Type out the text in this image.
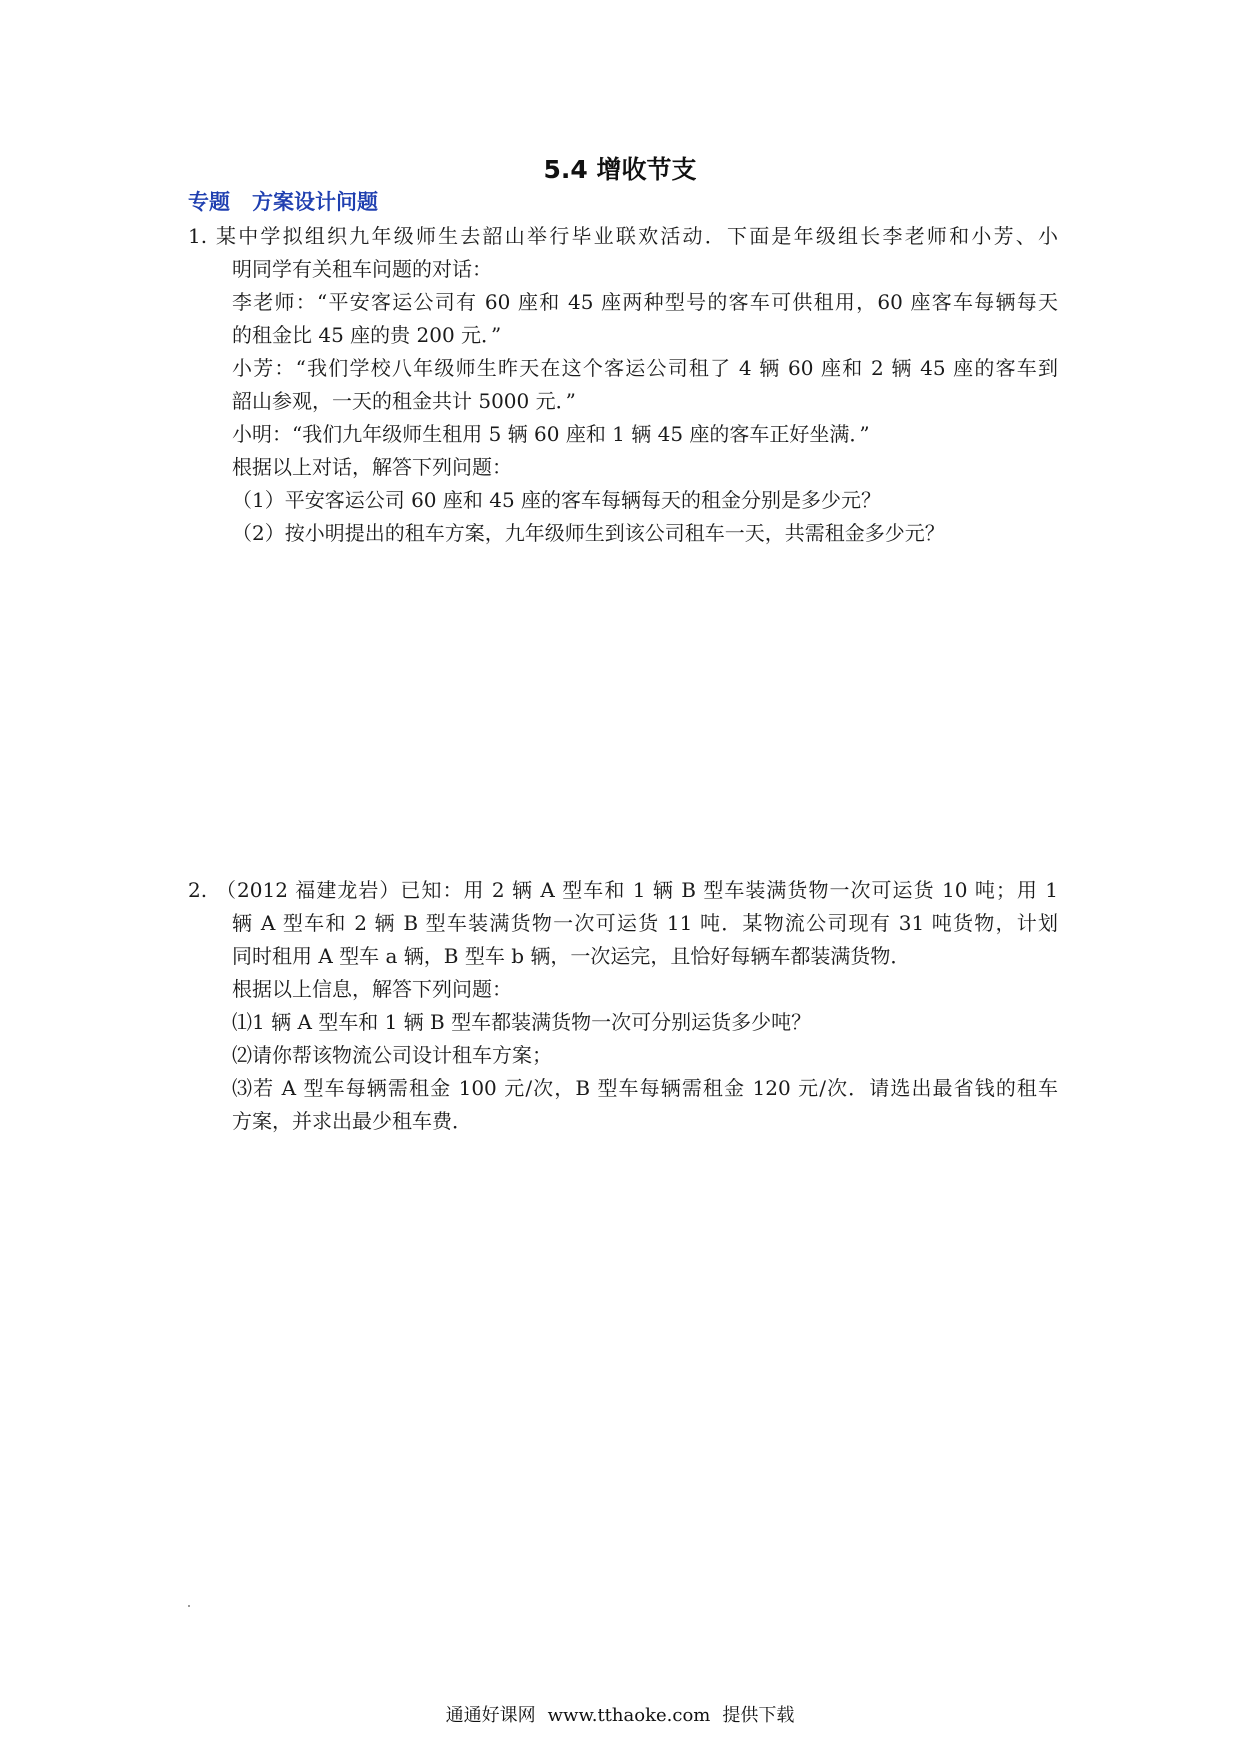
5.4 增收节支
专题 方案设计问题
1. 某中学拟组织九年级师生去韶山举行毕业联欢活动．下面是年级组长李老师和小芳、小
明同学有关租车问题的对话：
李老师：“平安客运公司有 60 座和 45 座两种型号的客车可供租用，60 座客车每辆每天
的租金比 45 座的贵 200 元．”
小芳：“我们学校八年级师生昨天在这个客运公司租了 4 辆 60 座和 2 辆 45 座的客车到
韶山参观，一天的租金共计 5000 元．”
小明：“我们九年级师生租用 5 辆 60 座和 1 辆 45 座的客车正好坐满．”
根据以上对话，解答下列问题：
（1）平安客运公司 60 座和 45 座的客车每辆每天的租金分别是多少元？
（2）按小明提出的租车方案，九年级师生到该公司租车一天，共需租金多少元？
2. （2012 福建龙岩）已知：用 2 辆 A 型车和 1 辆 B 型车装满货物一次可运货 10 吨；用 1
辆 A 型车和 2 辆 B 型车装满货物一次可运货 11 吨．某物流公司现有 31 吨货物，计划
同时租用 A 型车 a 辆，B 型车 b 辆，一次运完，且恰好每辆车都装满货物．
根据以上信息，解答下列问题：
⑴1 辆 A 型车和 1 辆 B 型车都装满货物一次可分别运货多少吨？
⑵请你帮该物流公司设计租车方案；
⑶若 A 型车每辆需租金 100 元/次，B 型车每辆需租金 120 元/次．请选出最省钱的租车
方案，并求出最少租车费．
通通好课网 www.tthaoke.com 提供下载
